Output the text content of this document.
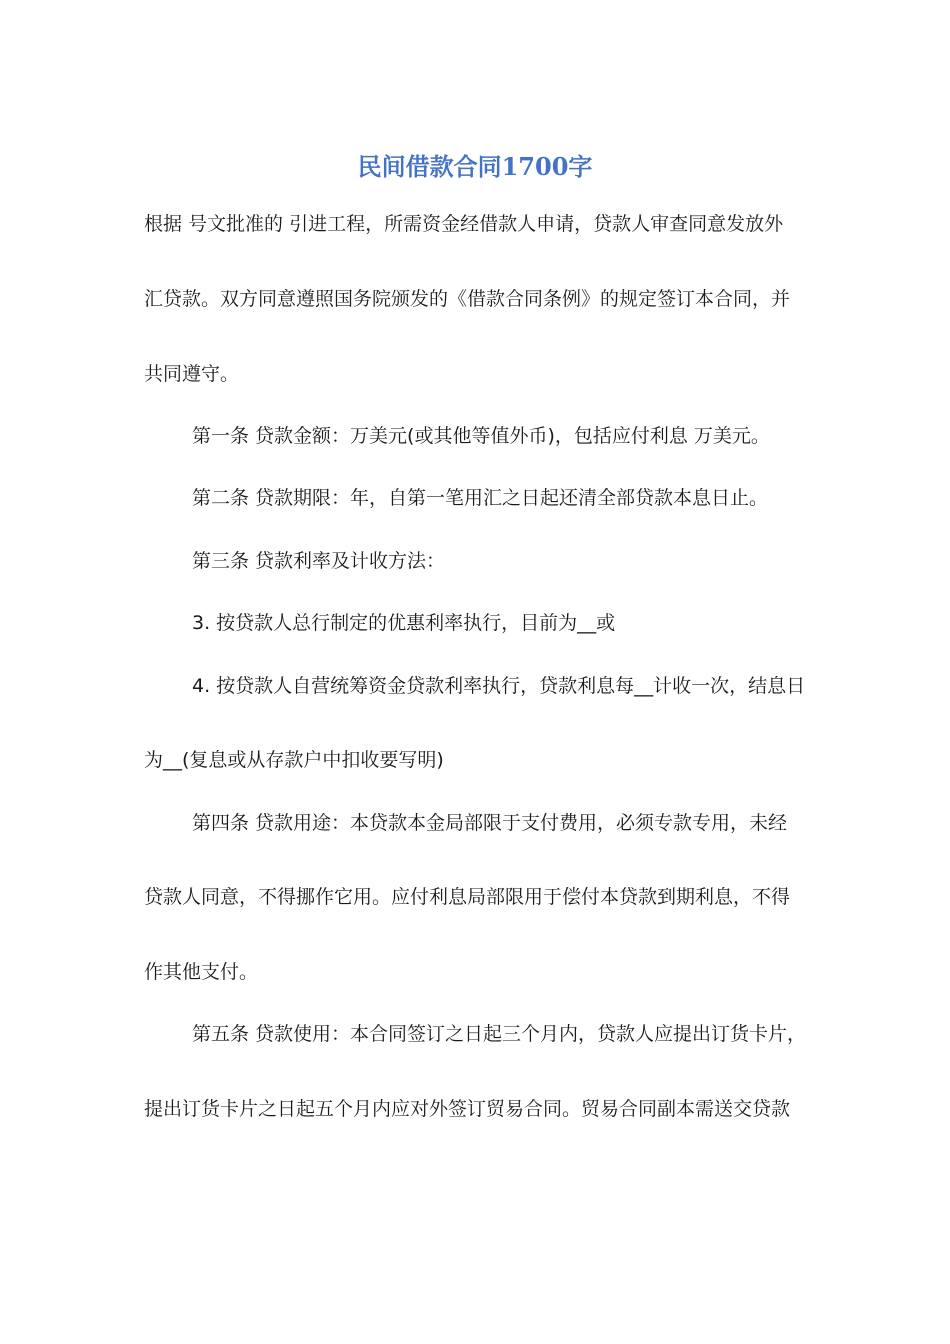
民间借款合同1700字
根据 号文批准的 引进工程，所需资金经借款人申请，贷款人审查同意发放外
汇贷款。双方同意遵照国务院颁发的《借款合同条例》的规定签订本合同，并
共同遵守。
第一条 贷款金额：万美元(或其他等值外币)，包括应付利息 万美元。
第二条 贷款期限：年，自第一笔用汇之日起还清全部贷款本息日止。
第三条 贷款利率及计收方法：
3. 按贷款人总行制定的优惠利率执行，目前为__或
4. 按贷款人自营统筹资金贷款利率执行，贷款利息每__计收一次，结息日
为__(复息或从存款户中扣收要写明)
第四条 贷款用途：本贷款本金局部限于支付费用，必须专款专用，未经
贷款人同意，不得挪作它用。应付利息局部限用于偿付本贷款到期利息，不得
作其他支付。
第五条 贷款使用：本合同签订之日起三个月内，贷款人应提出订货卡片，
提出订货卡片之日起五个月内应对外签订贸易合同。贸易合同副本需送交贷款
